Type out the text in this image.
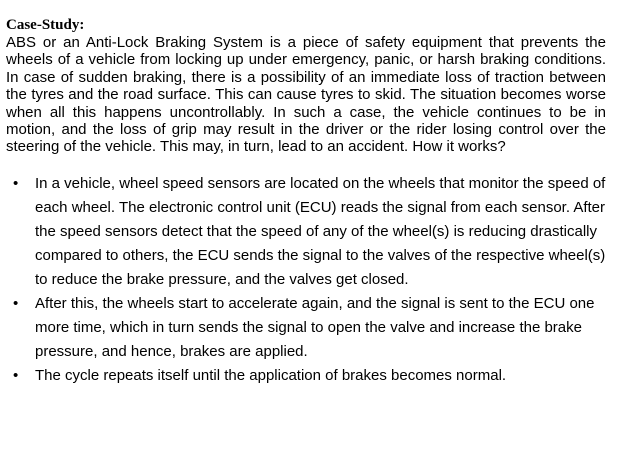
Case-Study:

ABS or an Anti-Lock Braking System is a piece of safety equipment that prevents the wheels of a vehicle from locking up under emergency, panic, or harsh braking conditions. In case of sudden braking, there is a possibility of an immediate loss of traction between the tyres and the road surface. This can cause tyres to skid. The situation becomes worse when all this happens uncontrollably. In such a case, the vehicle continues to be in motion, and the loss of grip may result in the driver or the rider losing control over the steering of the vehicle. This may, in turn, lead to an accident. How it works?

• In a vehicle, wheel speed sensors are located on the wheels that monitor the speed of each wheel. The electronic control unit (ECU) reads the signal from each sensor. After the speed sensors detect that the speed of any of the wheel(s) is reducing drastically compared to others, the ECU sends the signal to the valves of the respective wheel(s) to reduce the brake pressure, and the valves get closed.
• After this, the wheels start to accelerate again, and the signal is sent to the ECU one more time, which in turn sends the signal to open the valve and increase the brake pressure, and hence, brakes are applied.
• The cycle repeats itself until the application of brakes becomes normal.
